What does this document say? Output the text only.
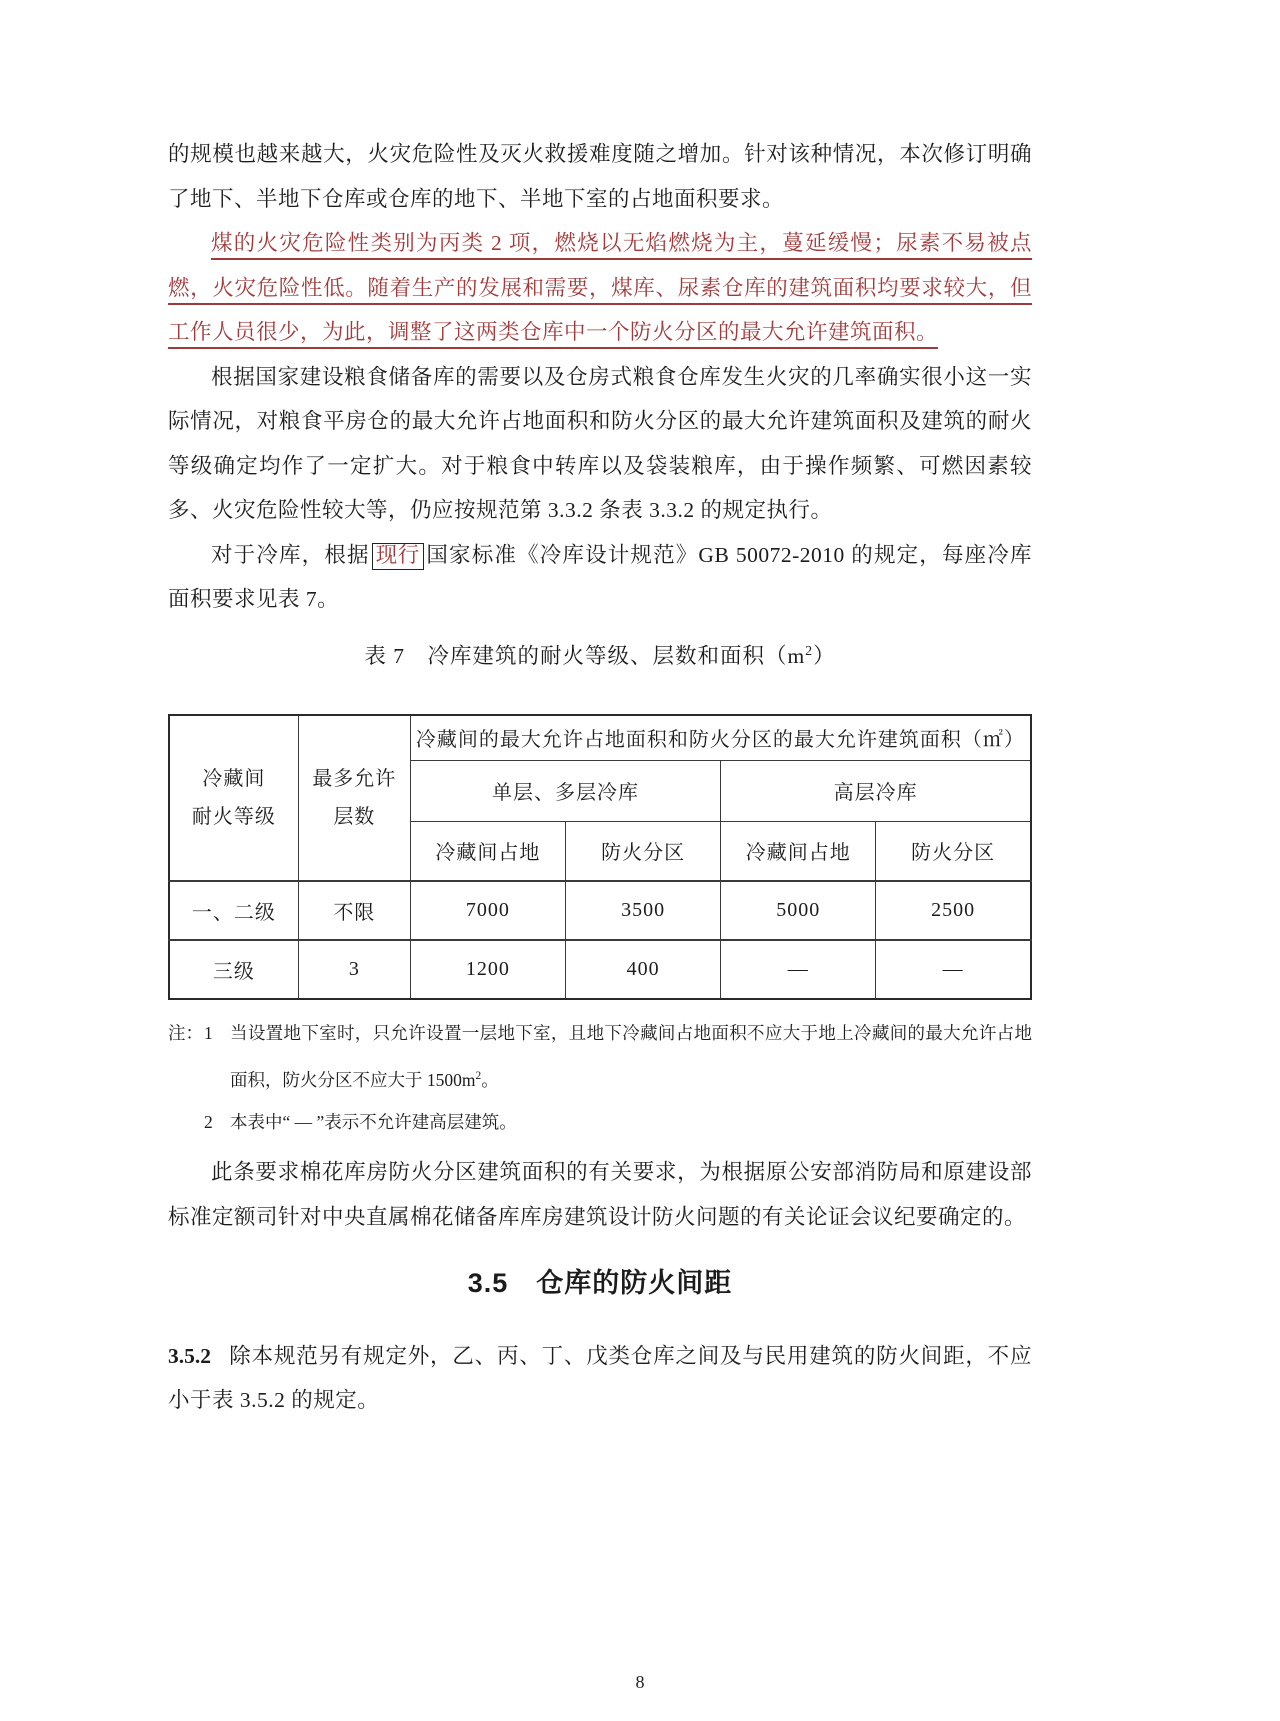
的规模也越来越大，火灾危险性及灭火救援难度随之增加。针对该种情况，本次修订明确了地下、半地下仓库或仓库的地下、半地下室的占地面积要求。

煤的火灾危险性类别为丙类 2 项，燃烧以无焰燃烧为主，蔓延缓慢；尿素不易被点燃，火灾危险性低。随着生产的发展和需要，煤库、尿素仓库的建筑面积均要求较大，但工作人员很少，为此，调整了这两类仓库中一个防火分区的最大允许建筑面积。

根据国家建设粮食储备库的需要以及仓房式粮食仓库发生火灾的几率确实很小这一实际情况，对粮食平房仓的最大允许占地面积和防火分区的最大允许建筑面积及建筑的耐火等级确定均作了一定扩大。对于粮食中转库以及袋装粮库，由于操作频繁、可燃因素较多、火灾危险性较大等，仍应按规范第 3.3.2 条表 3.3.2 的规定执行。

对于冷库，根据 现行 国家标准《冷库设计规范》GB 50072-2010 的规定，每座冷库面积要求见表 7。

表 7　冷库建筑的耐火等级、层数和面积$(m^2)$

冷藏间
耐火等级

最多允许
层数
	冷藏间的最大允许占地面积和防火分区的最大允许建筑面积（㎡）
		单层、多层冷库		高层冷库	
		冷藏间占地	防火分区	冷藏间占地	防火分区
一、二级	不限	7000	3500	5000	2500
三级	3	1200	400	—	—
注： 1 当设置地下室时，只允许设置一层地下室，且地下冷藏间占地面积不应大于地上冷藏间的最大允许占地面积，防火分区不应大于 $1500m^2$。
2 本表中“ — ”表示不允许建高层建筑。

此条要求棉花库房防火分区建筑面积的有关要求，为根据原公安部消防局和原建设部标准定额司针对中央直属棉花储备库库房建筑设计防火问题的有关论证会议纪要确定的。

3.5　仓库的防火间距

3.5.2 除本规范另有规定外，乙、丙、丁、戊类仓库之间及与民用建筑的防火间距，不应小于表 3.5.2 的规定。

8
